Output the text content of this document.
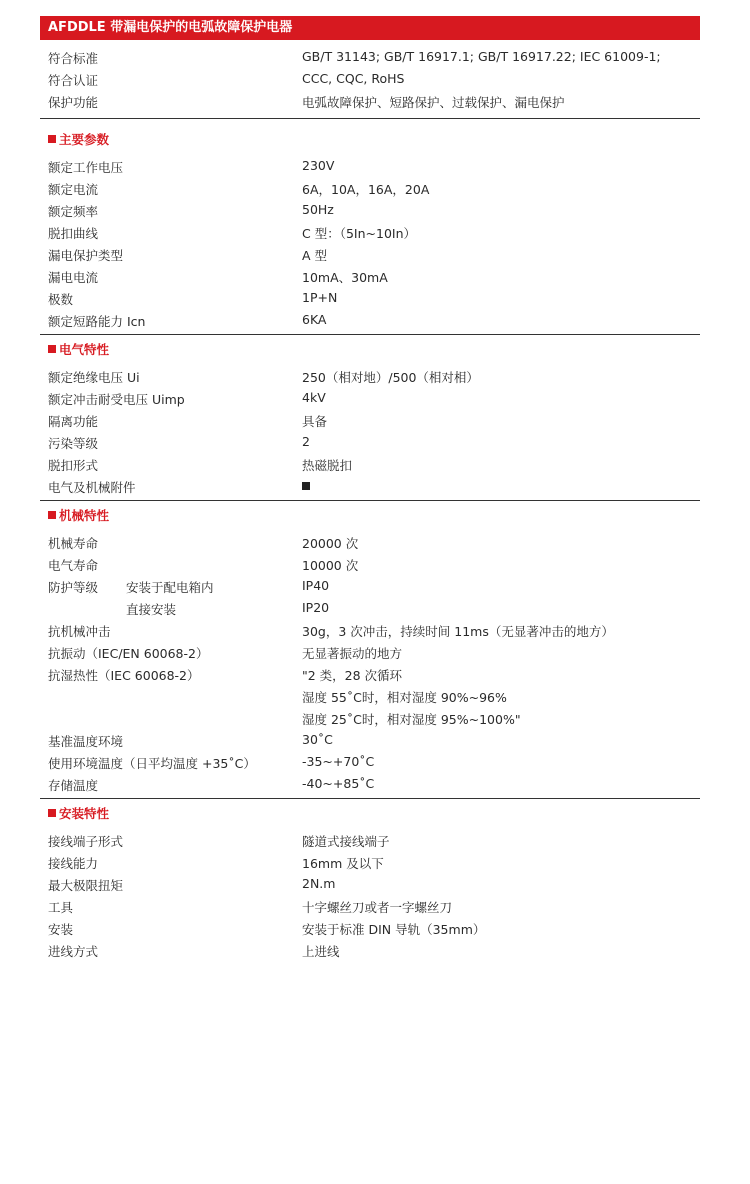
AFDDLE 带漏电保护的电弧故障保护电器
符合标准	GB/T 31143; GB/T 16917.1; GB/T 16917.22; IEC 61009-1;
符合认证	CCC, CQC, RoHS
保护功能	电弧故障保护、短路保护、过载保护、漏电保护
主要参数
额定工作电压	230V
额定电流	6A，10A，16A，20A
额定频率	50Hz
脱扣曲线	C 型：（5In~10In）
漏电保护类型	A 型
漏电电流	10mA、30mA
极数	1P+N
额定短路能力 Icn	6KA
电气特性
额定绝缘电压 Ui	250（相对地）/500（相对相）
额定冲击耐受电压 Uimp	4kV
隔离功能	具备
污染等级	2
脱扣形式	热磁脱扣
电气及机械附件
机械特性
机械寿命	20000 次
电气寿命	10000 次
防护等级 安装于配电箱内	IP40
直接安装	IP20
抗机械冲击	30g，3 次冲击，持续时间 11ms（无显著冲击的地方）
抗振动（IEC/EN 60068-2）	无显著振动的地方
抗湿热性（IEC 60068-2）	"2 类，28 次循环
湿度 55˚C时，相对湿度 90%~96%
湿度 25˚C时，相对湿度 95%~100%"
基准温度环境	30˚C
使用环境温度（日平均温度 +35˚C）	-35~+70˚C
存储温度	-40~+85˚C
安装特性
接线端子形式	隧道式接线端子
接线能力	16mm 及以下
最大极限扭矩	2N.m
工具	十字螺丝刀或者一字螺丝刀
安装	安装于标准 DIN 导轨（35mm）
进线方式	上进线
